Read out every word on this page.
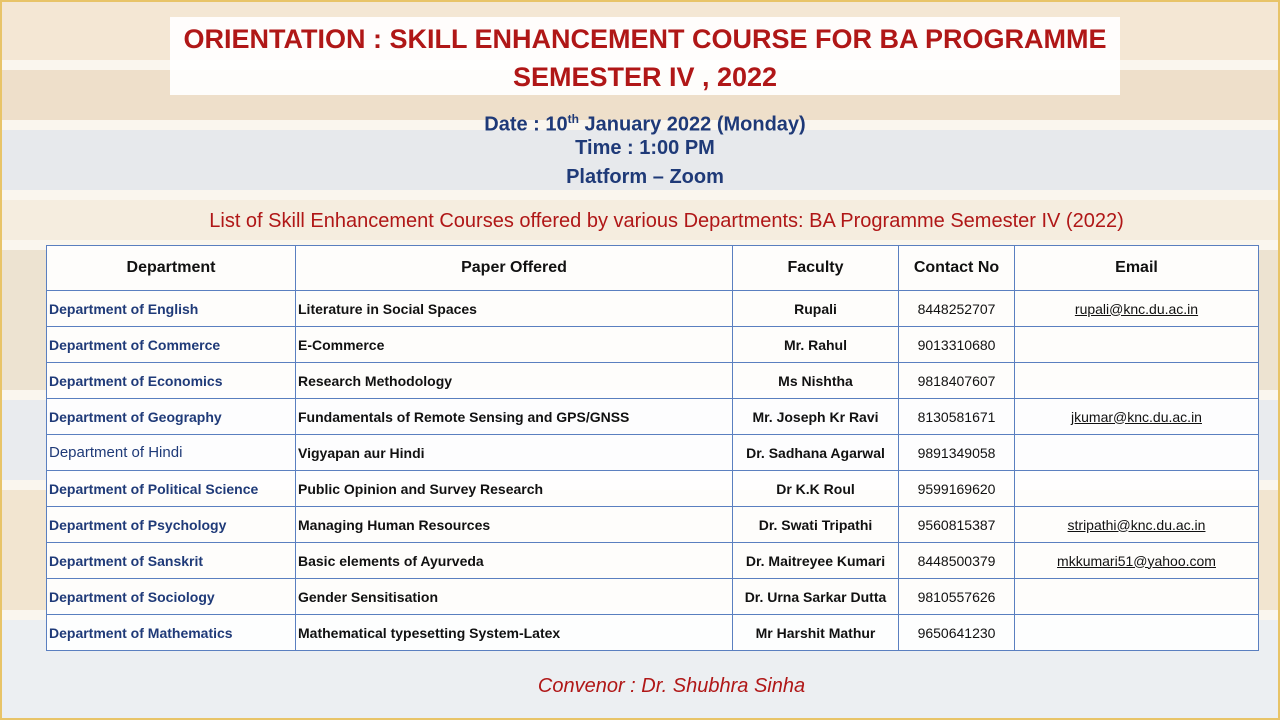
ORIENTATION : SKILL ENHANCEMENT COURSE FOR BA PROGRAMME
SEMESTER IV , 2022
Date : 10th January 2022 (Monday)
Time : 1:00 PM
Platform – Zoom
List of Skill Enhancement Courses offered by various Departments: BA Programme Semester IV (2022)
Department	Paper Offered	Faculty	Contact No	Email
Department of English	Literature in Social Spaces	Rupali	8448252707	rupali@knc.du.ac.in
Department of Commerce	E-Commerce	Mr. Rahul	9013310680	
Department of Economics	Research Methodology	Ms Nishtha	9818407607	
Department of Geography	Fundamentals of Remote Sensing and GPS/GNSS	Mr. Joseph Kr Ravi	8130581671	jkumar@knc.du.ac.in
Department of Hindi	Vigyapan aur Hindi	Dr. Sadhana Agarwal	9891349058	
Department of Political Science	Public Opinion and Survey Research	Dr K.K Roul	9599169620	
Department of Psychology	Managing Human Resources	Dr. Swati Tripathi	9560815387	stripathi@knc.du.ac.in
Department of Sanskrit	Basic elements of Ayurveda	Dr. Maitreyee Kumari	8448500379	mkkumari51@yahoo.com
Department of Sociology	Gender Sensitisation	Dr. Urna Sarkar Dutta	9810557626	
Department of Mathematics	Mathematical typesetting System-Latex	Mr Harshit Mathur	9650641230	
Convenor : Dr. Shubhra Sinha
